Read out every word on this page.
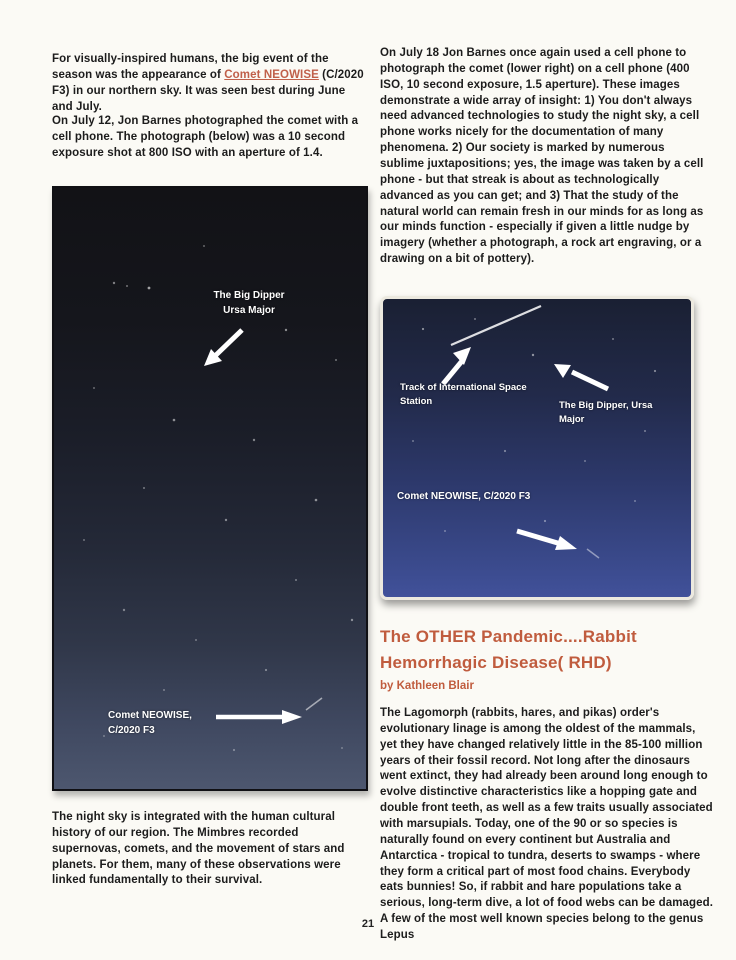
For visually-inspired humans, the big event of the season was the appearance of Comet NEOWISE (C/2020 F3) in our northern sky. It was seen best during June and July.

On July 12, Jon Barnes photographed the comet with a cell phone. The photograph (below) was a 10 second exposure shot at 800 ISO with an aperture of 1.4.

The Big Dipper
Ursa Major
Comet NEOWISE,
C/2020 F3

The night sky is integrated with the human cultural history of our region. The Mimbres recorded supernovas, comets, and the movement of stars and planets. For them, many of these observations were linked fundamentally to their survival.

On July 18 Jon Barnes once again used a cell phone to photograph the comet (lower right) on a cell phone (400 ISO, 10 second exposure, 1.5 aperture). These images demonstrate a wide array of insight: 1) You don't always need advanced technologies to study the night sky, a cell phone works nicely for the documentation of many phenomena. 2) Our society is marked by numerous sublime juxtapositions; yes, the image was taken by a cell phone - but that streak is about as technologically advanced as you can get; and 3) That the study of the natural world can remain fresh in our minds for as long as our minds function - especially if given a little nudge by imagery (whether a photograph, a rock art engraving, or a drawing on a bit of pottery).

Track of International Space
Station	The Big Dipper, Ursa
Major
Comet NEOWISE, C/2020 F3
The OTHER Pandemic....Rabbit
Hemorrhagic Disease( RHD)
by Kathleen Blair

The Lagomorph (rabbits, hares, and pikas) order's evolutionary linage is among the oldest of the mammals, yet they have changed relatively little in the 85-100 million years of their fossil record. Not long after the dinosaurs went extinct, they had already been around long enough to evolve distinctive characteristics like a hopping gate and double front teeth, as well as a few traits usually associated with marsupials. Today, one of the 90 or so species is naturally found on every continent but Australia and Antarctica - tropical to tundra, deserts to swamps - where they form a critical part of most food chains. Everybody eats bunnies! So, if rabbit and hare populations take a serious, long-term dive, a lot of food webs can be damaged. A few of the most well known species belong to the genus Lepus

21
